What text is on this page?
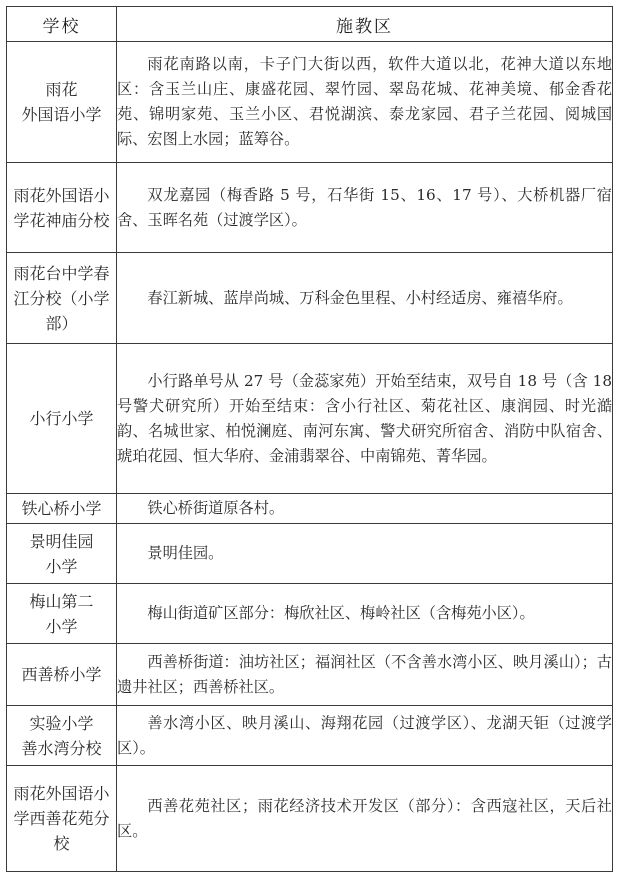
学校	施教区
雨花
外国语小学	雨花南路以南，卡子门大街以西，软件大道以北，花神大道以东地区：含玉兰山庄、康盛花园、翠竹园、翠岛花城、花神美境、郁金香花苑、锦明家苑、玉兰小区、君悦湖滨、泰龙家园、君子兰花园、阅城国际、宏图上水园；蓝筹谷。
雨花外国语小学花神庙分校	双龙嘉园（梅香路 5 号，石华街 15、16、17 号）、大桥机器厂宿舍、玉晖名苑（过渡学区）。
雨花台中学春江分校（小学部）	春江新城、蓝岸尚城、万科金色里程、小村经适房、雍禧华府。
小行小学	小行路单号从 27 号（金蕊家苑）开始至结束，双号自 18 号（含 18 号警犬研究所）开始至结束：含小行社区、菊花社区、康润园、时光澔韵、名城世家、柏悦澜庭、南河东寓、警犬研究所宿舍、消防中队宿舍、琥珀花园、恒大华府、金浦翡翠谷、中南锦苑、菁华园。
铁心桥小学	铁心桥街道原各村。
景明佳园
小学	景明佳园。
梅山第二
小学	梅山街道矿区部分：梅欣社区、梅岭社区（含梅苑小区）。
西善桥小学	西善桥街道：油坊社区；福润社区（不含善水湾小区、映月溪山）；古遗井社区；西善桥社区。
实验小学
善水湾分校	善水湾小区、映月溪山、海翔花园（过渡学区）、龙湖天钜（过渡学区）。
雨花外国语小学西善花苑分校	西善花苑社区；雨花经济技术开发区（部分）：含西寇社区，天后社区。
